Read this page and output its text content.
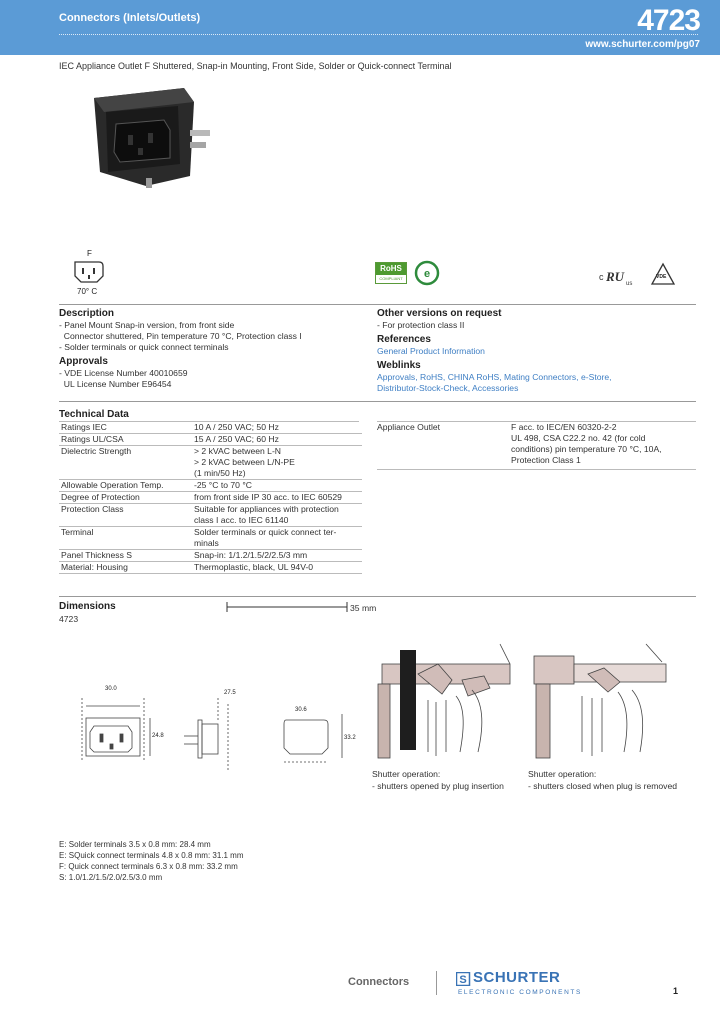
Connectors (Inlets/Outlets)	4723
www.schurter.com/pg07
IEC Appliance Outlet F Shuttered, Snap-in Mounting, Front Side, Solder or Quick-connect Terminal
F
70° C
RoHS
COMPLIANT	e	c RU us
VDE
Description
- Panel Mount Snap-in version, from front side
Connector shuttered, Pin temperature 70 °C, Protection class I
- Solder terminals or quick connect terminals
Approvals
- VDE License Number 40010659
UL License Number E96454
Other versions on request
- For protection class II
References
General Product Information
Weblinks
Approvals, RoHS, CHINA RoHS, Mating Connectors, e-Store,
Distributor-Stock-Check, Accessories
Technical Data
Ratings IEC	10 A / 250 VAC; 50 Hz
Ratings UL/CSA	15 A / 250 VAC; 60 Hz
Dielectric Strength	> 2 kVAC between L-N
> 2 kVAC between L/N-PE
(1 min/50 Hz)
Allowable Operation Temp.	-25 °C to 70 °C
Degree of Protection	from front side IP 30 acc. to IEC 60529
Protection Class	Suitable for appliances with protection
class I acc. to IEC 61140
Terminal	Solder terminals or quick connect ter-
minals
Panel Thickness S	Snap-in: 1/1.2/1.5/2/2.5/3 mm
Material: Housing	Thermoplastic, black, UL 94V-0
Appliance Outlet	F acc. to IEC/EN 60320-2-2
UL 498, CSA C22.2 no. 42 (for cold
conditions) pin temperature 70 °C, 10A,
Protection Class 1
Dimensions
4723
35 mm
30.0
24.8
27.5
30.6
33.2
Shutter operation:
- shutters opened by plug insertion
Shutter operation:
- shutters closed when plug is removed
E: Solder terminals 3.5 x 0.8 mm: 28.4 mm
E: SQuick connect terminals 4.8 x 0.8 mm: 31.1 mm
F: Quick connect terminals 6.3 x 0.8 mm: 33.2 mm
S: 1.0/1.2/1.5/2.0/2.5/3.0 mm
Connectors	S SCHURTER
ELECTRONIC COMPONENTS	1
